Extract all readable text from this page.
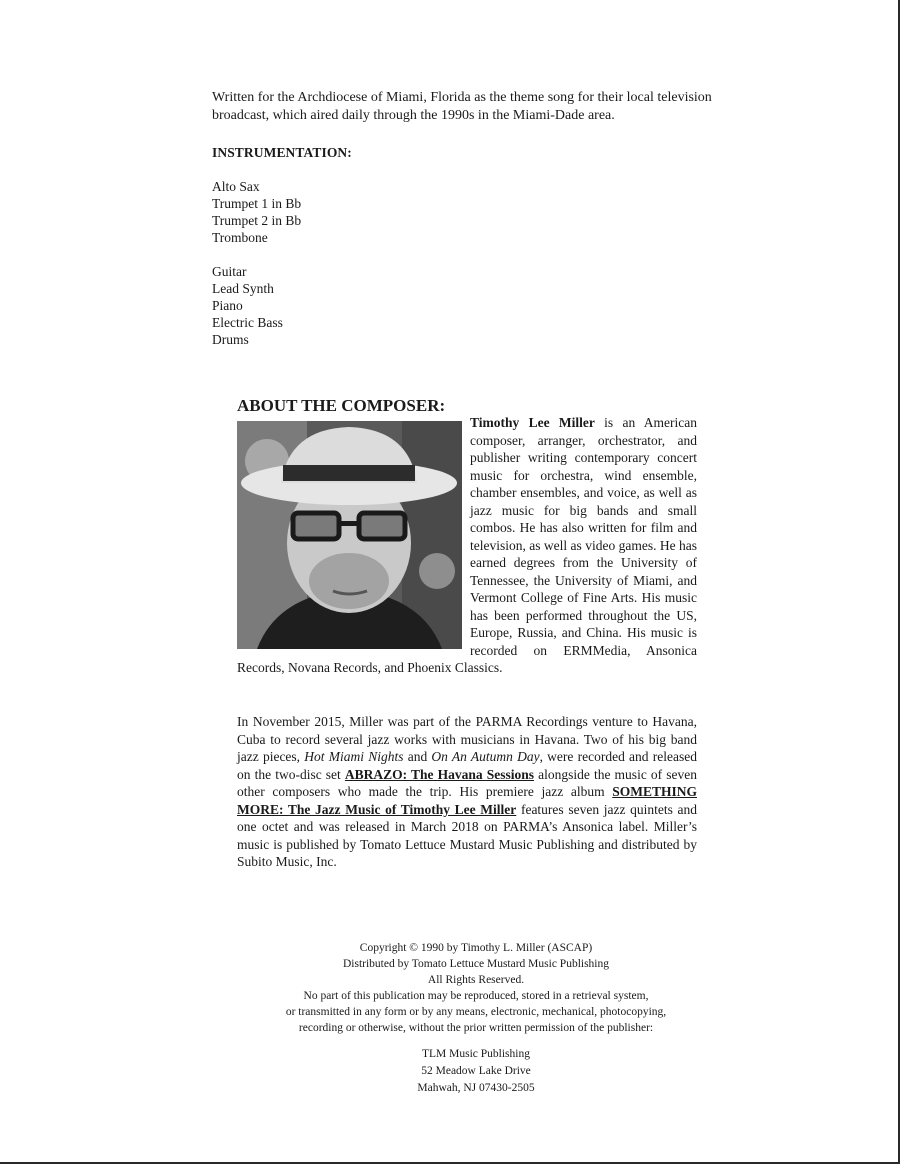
Written for the Archdiocese of Miami, Florida as the theme song for their local television broadcast, which aired daily through the 1990s in the Miami-Dade area.

INSTRUMENTATION:
Alto Sax
Trumpet 1 in Bb
Trumpet 2 in Bb
Trombone
Guitar
Lead Synth
Piano
Electric Bass
Drums
ABOUT THE COMPOSER:

Timothy Lee Miller is an American composer, arranger, orchestrator, and publisher writing contemporary concert music for orchestra, wind ensemble, chamber ensembles, and voice, as well as jazz music for big bands and small combos. He has also written for film and television, as well as video games. He has earned degrees from the University of Tennessee, the University of Miami, and Vermont College of Fine Arts. His music has been performed throughout the US, Europe, Russia, and China. His music is recorded on ERMMedia, Ansonica Records, Novana Records, and Phoenix Classics.

In November 2015, Miller was part of the PARMA Recordings venture to Havana, Cuba to record several jazz works with musicians in Havana. Two of his big band jazz pieces, Hot Miami Nights and On An Autumn Day, were recorded and released on the two-disc set ABRAZO: The Havana Sessions alongside the music of seven other composers who made the trip. His premiere jazz album SOMETHING MORE: The Jazz Music of Timothy Lee Miller features seven jazz quintets and one octet and was released in March 2018 on PARMA’s Ansonica label. Miller’s music is published by Tomato Lettuce Mustard Music Publishing and distributed by Subito Music, Inc.

Copyright © 1990 by Timothy L. Miller (ASCAP)
Distributed by Tomato Lettuce Mustard Music Publishing
All Rights Reserved.
No part of this publication may be reproduced, stored in a retrieval system,
or transmitted in any form or by any means, electronic, mechanical, photocopying,
recording or otherwise, without the prior written permission of the publisher:

TLM Music Publishing
52 Meadow Lake Drive
Mahwah, NJ 07430-2505
